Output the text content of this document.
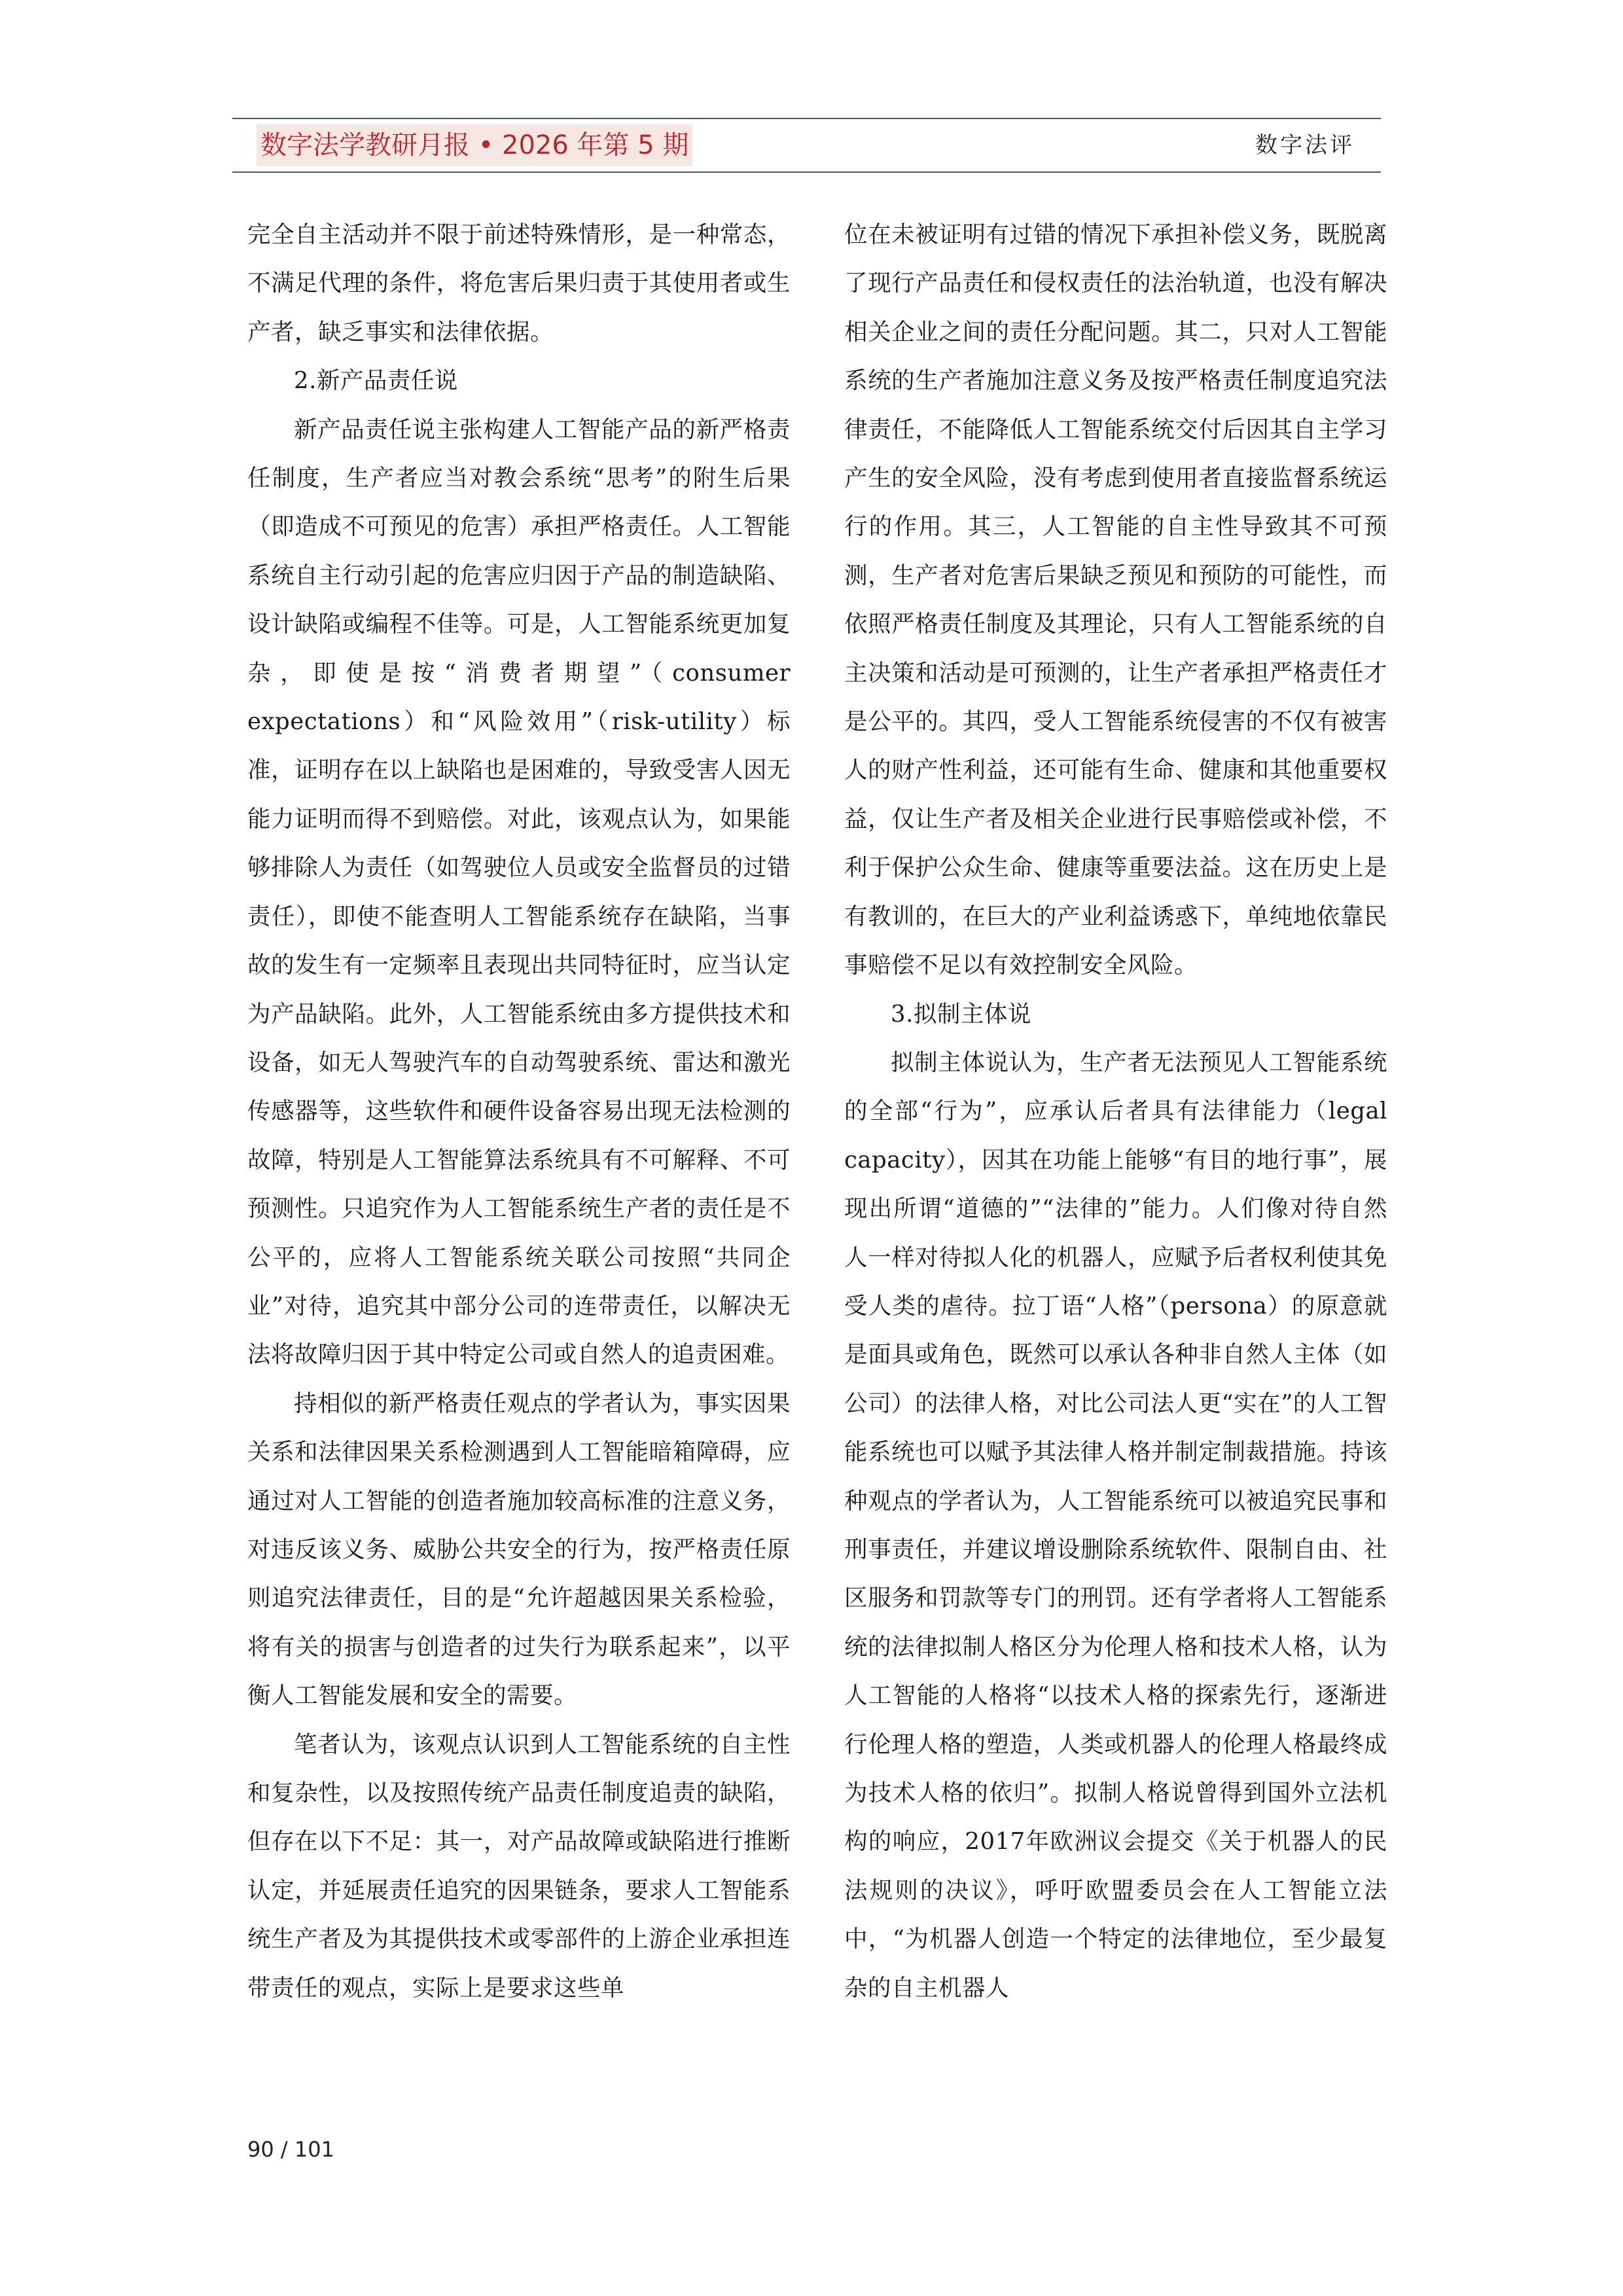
数字法学教研月报 • 2026 年第 5 期	数字法评

完全自主活动并不限于前述特殊情形，是一种常态，不满足代理的条件，将危害后果归责于其使用者或生产者，缺乏事实和法律依据。

2.新产品责任说

新产品责任说主张构建人工智能产品的新严格责任制度，生产者应当对教会系统“思考”的附生后果（即造成不可预见的危害）承担严格责任。人工智能系统自主行动引起的危害应归因于产品的制造缺陷、设计缺陷或编程不佳等。可是，人工智能系统更加复杂，即使是按“消费者期望”（consumer expectations）和“风险效用”（risk-utility）标准，证明存在以上缺陷也是困难的，导致受害人因无能力证明而得不到赔偿。对此，该观点认为，如果能够排除人为责任（如驾驶位人员或安全监督员的过错责任），即使不能查明人工智能系统存在缺陷，当事故的发生有一定频率且表现出共同特征时，应当认定为产品缺陷。此外，人工智能系统由多方提供技术和设备，如无人驾驶汽车的自动驾驶系统、雷达和激光传感器等，这些软件和硬件设备容易出现无法检测的故障，特别是人工智能算法系统具有不可解释、不可预测性。只追究作为人工智能系统生产者的责任是不公平的，应将人工智能系统关联公司按照“共同企业”对待，追究其中部分公司的连带责任，以解决无法将故障归因于其中特定公司或自然人的追责困难。

持相似的新严格责任观点的学者认为，事实因果关系和法律因果关系检测遇到人工智能暗箱障碍，应通过对人工智能的创造者施加较高标准的注意义务，对违反该义务、威胁公共安全的行为，按严格责任原则追究法律责任，目的是“允许超越因果关系检验，将有关的损害与创造者的过失行为联系起来”，以平衡人工智能发展和安全的需要。

笔者认为，该观点认识到人工智能系统的自主性和复杂性，以及按照传统产品责任制度追责的缺陷，但存在以下不足：其一，对产品故障或缺陷进行推断认定，并延展责任追究的因果链条，要求人工智能系统生产者及为其提供技术或零部件的上游企业承担连带责任的观点，实际上是要求这些单

位在未被证明有过错的情况下承担补偿义务，既脱离了现行产品责任和侵权责任的法治轨道，也没有解决相关企业之间的责任分配问题。其二，只对人工智能系统的生产者施加注意义务及按严格责任制度追究法律责任，不能降低人工智能系统交付后因其自主学习产生的安全风险，没有考虑到使用者直接监督系统运行的作用。其三，人工智能的自主性导致其不可预测，生产者对危害后果缺乏预见和预防的可能性，而依照严格责任制度及其理论，只有人工智能系统的自主决策和活动是可预测的，让生产者承担严格责任才是公平的。其四，受人工智能系统侵害的不仅有被害人的财产性利益，还可能有生命、健康和其他重要权益，仅让生产者及相关企业进行民事赔偿或补偿，不利于保护公众生命、健康等重要法益。这在历史上是有教训的，在巨大的产业利益诱惑下，单纯地依靠民事赔偿不足以有效控制安全风险。

3.拟制主体说

拟制主体说认为，生产者无法预见人工智能系统的全部“行为”，应承认后者具有法律能力（legal capacity），因其在功能上能够“有目的地行事”，展现出所谓“道德的”“法律的”能力。人们像对待自然人一样对待拟人化的机器人，应赋予后者权利使其免受人类的虐待。拉丁语“人格”（persona）的原意就是面具或角色，既然可以承认各种非自然人主体（如公司）的法律人格，对比公司法人更“实在”的人工智能系统也可以赋予其法律人格并制定制裁措施。持该种观点的学者认为，人工智能系统可以被追究民事和刑事责任，并建议增设删除系统软件、限制自由、社区服务和罚款等专门的刑罚。还有学者将人工智能系统的法律拟制人格区分为伦理人格和技术人格，认为人工智能的人格将“以技术人格的探索先行，逐渐进行伦理人格的塑造，人类或机器人的伦理人格最终成为技术人格的依归”。拟制人格说曾得到国外立法机构的响应，2017年欧洲议会提交《关于机器人的民法规则的决议》，呼吁欧盟委员会在人工智能立法中，“为机器人创造一个特定的法律地位，至少最复杂的自主机器人

90 / 101
